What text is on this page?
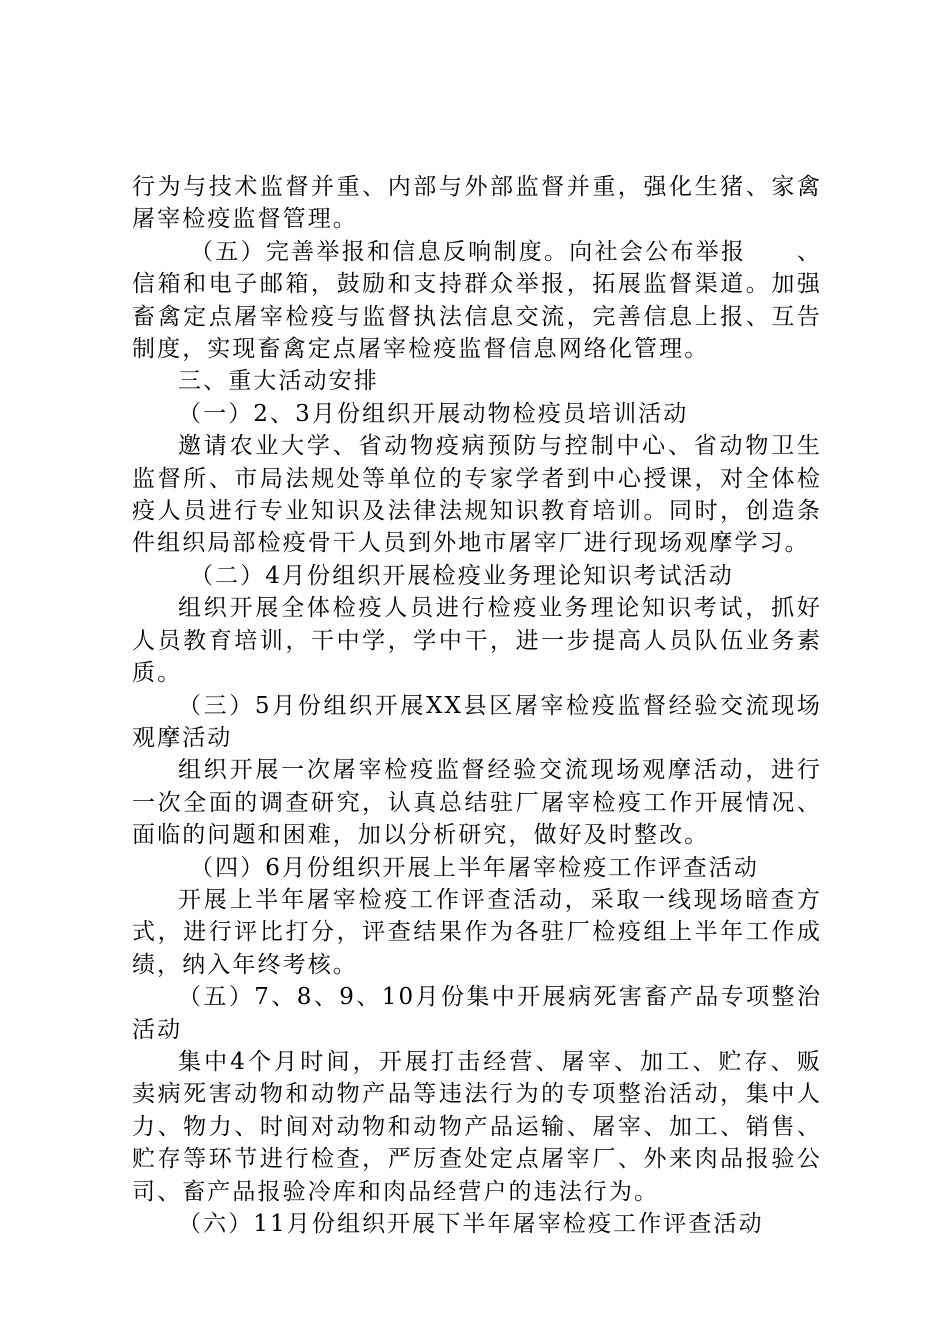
行为与技术监督并重、内部与外部监督并重，强化生猪、家禽屠宰检疫监督管理。

（五）完善举报和信息反响制度。向社会公布举报　　、信箱和电子邮箱，鼓励和支持群众举报，拓展监督渠道。加强畜禽定点屠宰检疫与监督执法信息交流，完善信息上报、互告制度，实现畜禽定点屠宰检疫监督信息网络化管理。

三、重大活动安排

（一）2、3月份组织开展动物检疫员培训活动

邀请农业大学、省动物疫病预防与控制中心、省动物卫生监督所、市局法规处等单位的专家学者到中心授课，对全体检疫人员进行专业知识及法律法规知识教育培训。同时，创造条件组织局部检疫骨干人员到外地市屠宰厂进行现场观摩学习。

（二）4月份组织开展检疫业务理论知识考试活动

组织开展全体检疫人员进行检疫业务理论知识考试，抓好人员教育培训，干中学，学中干，进一步提高人员队伍业务素质。

（三）5月份组织开展XX县区屠宰检疫监督经验交流现场观摩活动

组织开展一次屠宰检疫监督经验交流现场观摩活动，进行一次全面的调查研究，认真总结驻厂屠宰检疫工作开展情况、面临的问题和困难，加以分析研究，做好及时整改。

（四）6月份组织开展上半年屠宰检疫工作评查活动

开展上半年屠宰检疫工作评查活动，采取一线现场暗查方式，进行评比打分，评查结果作为各驻厂检疫组上半年工作成绩，纳入年终考核。

（五）7、8、9、10月份集中开展病死害畜产品专项整治活动

集中4个月时间，开展打击经营、屠宰、加工、贮存、贩卖病死害动物和动物产品等违法行为的专项整治活动，集中人力、物力、时间对动物和动物产品运输、屠宰、加工、销售、贮存等环节进行检查，严厉查处定点屠宰厂、外来肉品报验公司、畜产品报验冷库和肉品经营户的违法行为。

（六）11月份组织开展下半年屠宰检疫工作评查活动
